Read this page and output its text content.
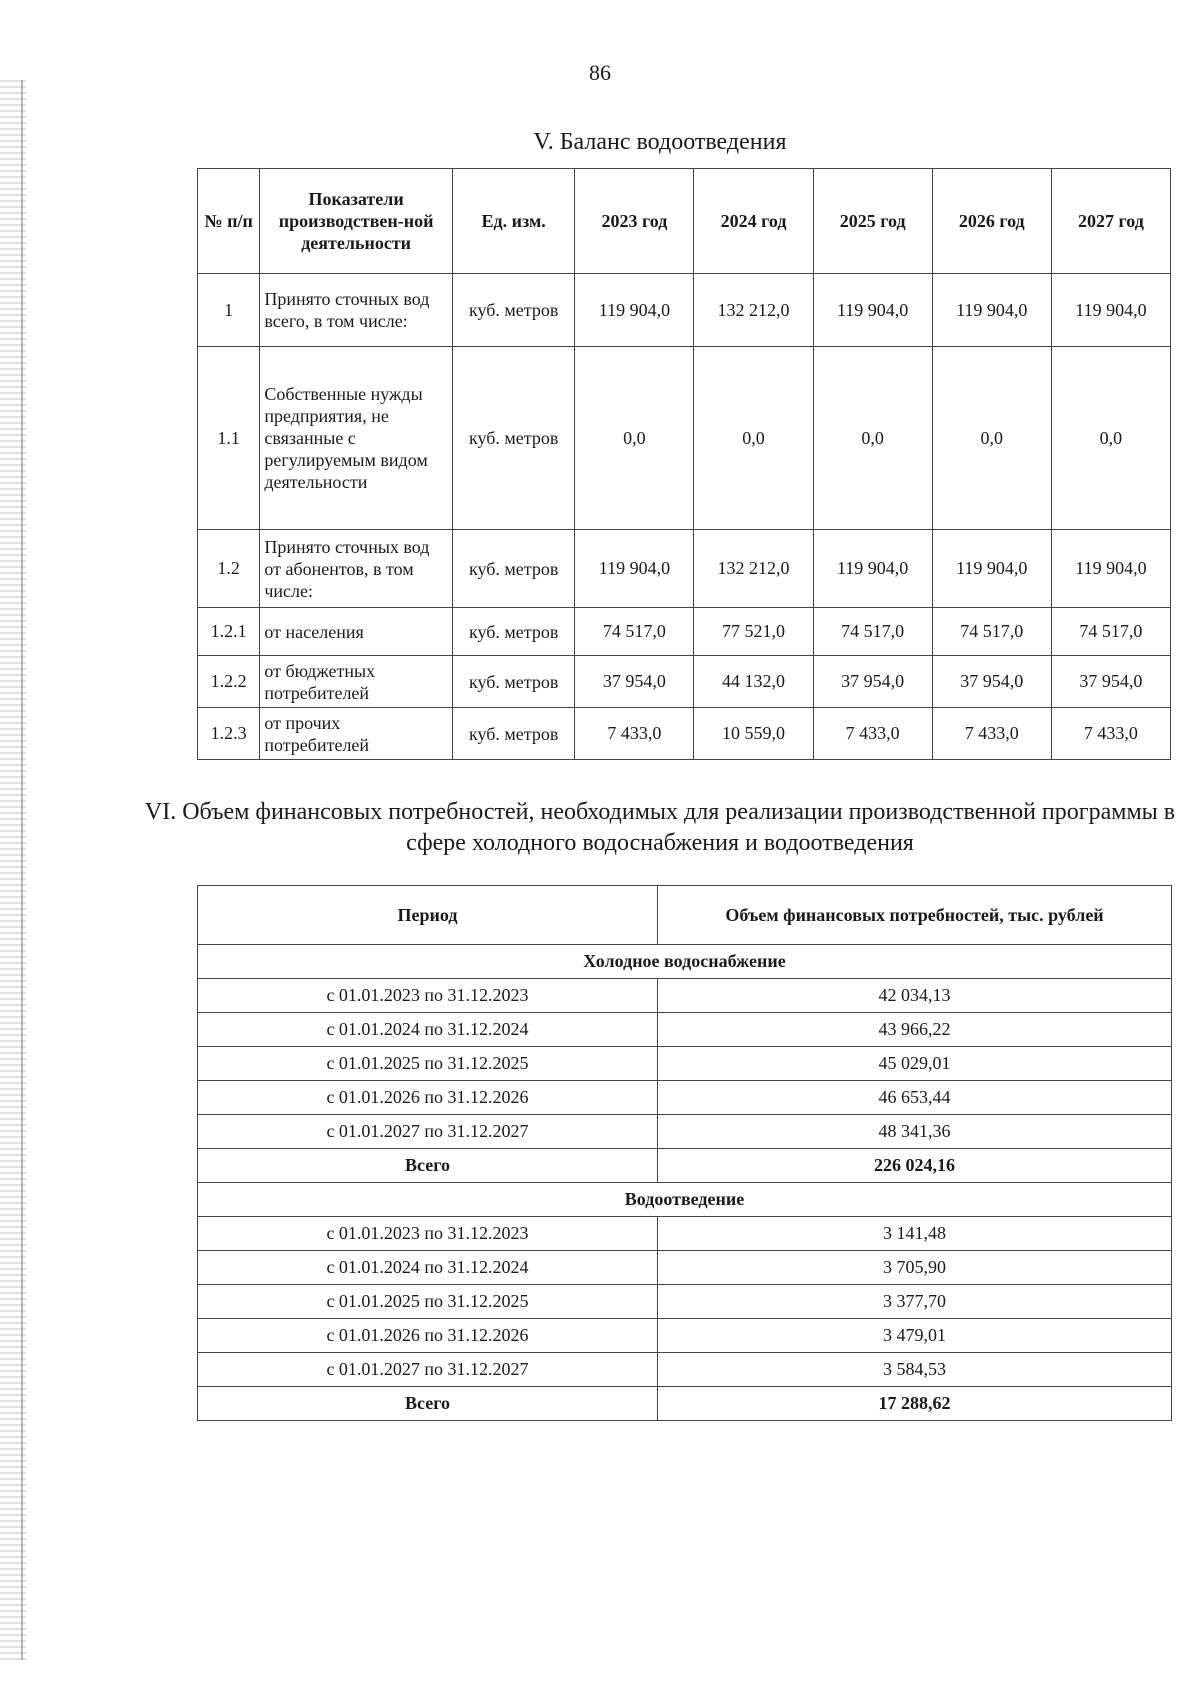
86
V. Баланс водоотведения
№ п/п	Показатели производствен-ной деятельности	Ед. изм.	2023 год	2024 год	2025 год	2026 год	2027 год
1	Принято сточных вод всего, в том числе:	куб. метров	119 904,0	132 212,0	119 904,0	119 904,0	119 904,0
1.1	Собственные нужды предприятия, не связанные с регулируемым видом деятельности	куб. метров	0,0	0,0	0,0	0,0	0,0
1.2	Принято сточных вод от абонентов, в том числе:	куб. метров	119 904,0	132 212,0	119 904,0	119 904,0	119 904,0
1.2.1	от населения	куб. метров	74 517,0	77 521,0	74 517,0	74 517,0	74 517,0
1.2.2	от бюджетных потребителей	куб. метров	37 954,0	44 132,0	37 954,0	37 954,0	37 954,0
1.2.3	от прочих потребителей	куб. метров	7 433,0	10 559,0	7 433,0	7 433,0	7 433,0
VI. Объем финансовых потребностей, необходимых для реализации производственной программы в сфере холодного водоснабжения и водоотведения
Период	Объем финансовых потребностей, тыс. рублей
Холодное водоснабжение	
с 01.01.2023 по 31.12.2023	42 034,13
с 01.01.2024 по 31.12.2024	43 966,22
с 01.01.2025 по 31.12.2025	45 029,01
с 01.01.2026 по 31.12.2026	46 653,44
с 01.01.2027 по 31.12.2027	48 341,36
Всего	226 024,16
Водоотведение	
с 01.01.2023 по 31.12.2023	3 141,48
с 01.01.2024 по 31.12.2024	3 705,90
с 01.01.2025 по 31.12.2025	3 377,70
с 01.01.2026 по 31.12.2026	3 479,01
с 01.01.2027 по 31.12.2027	3 584,53
Всего	17 288,62
